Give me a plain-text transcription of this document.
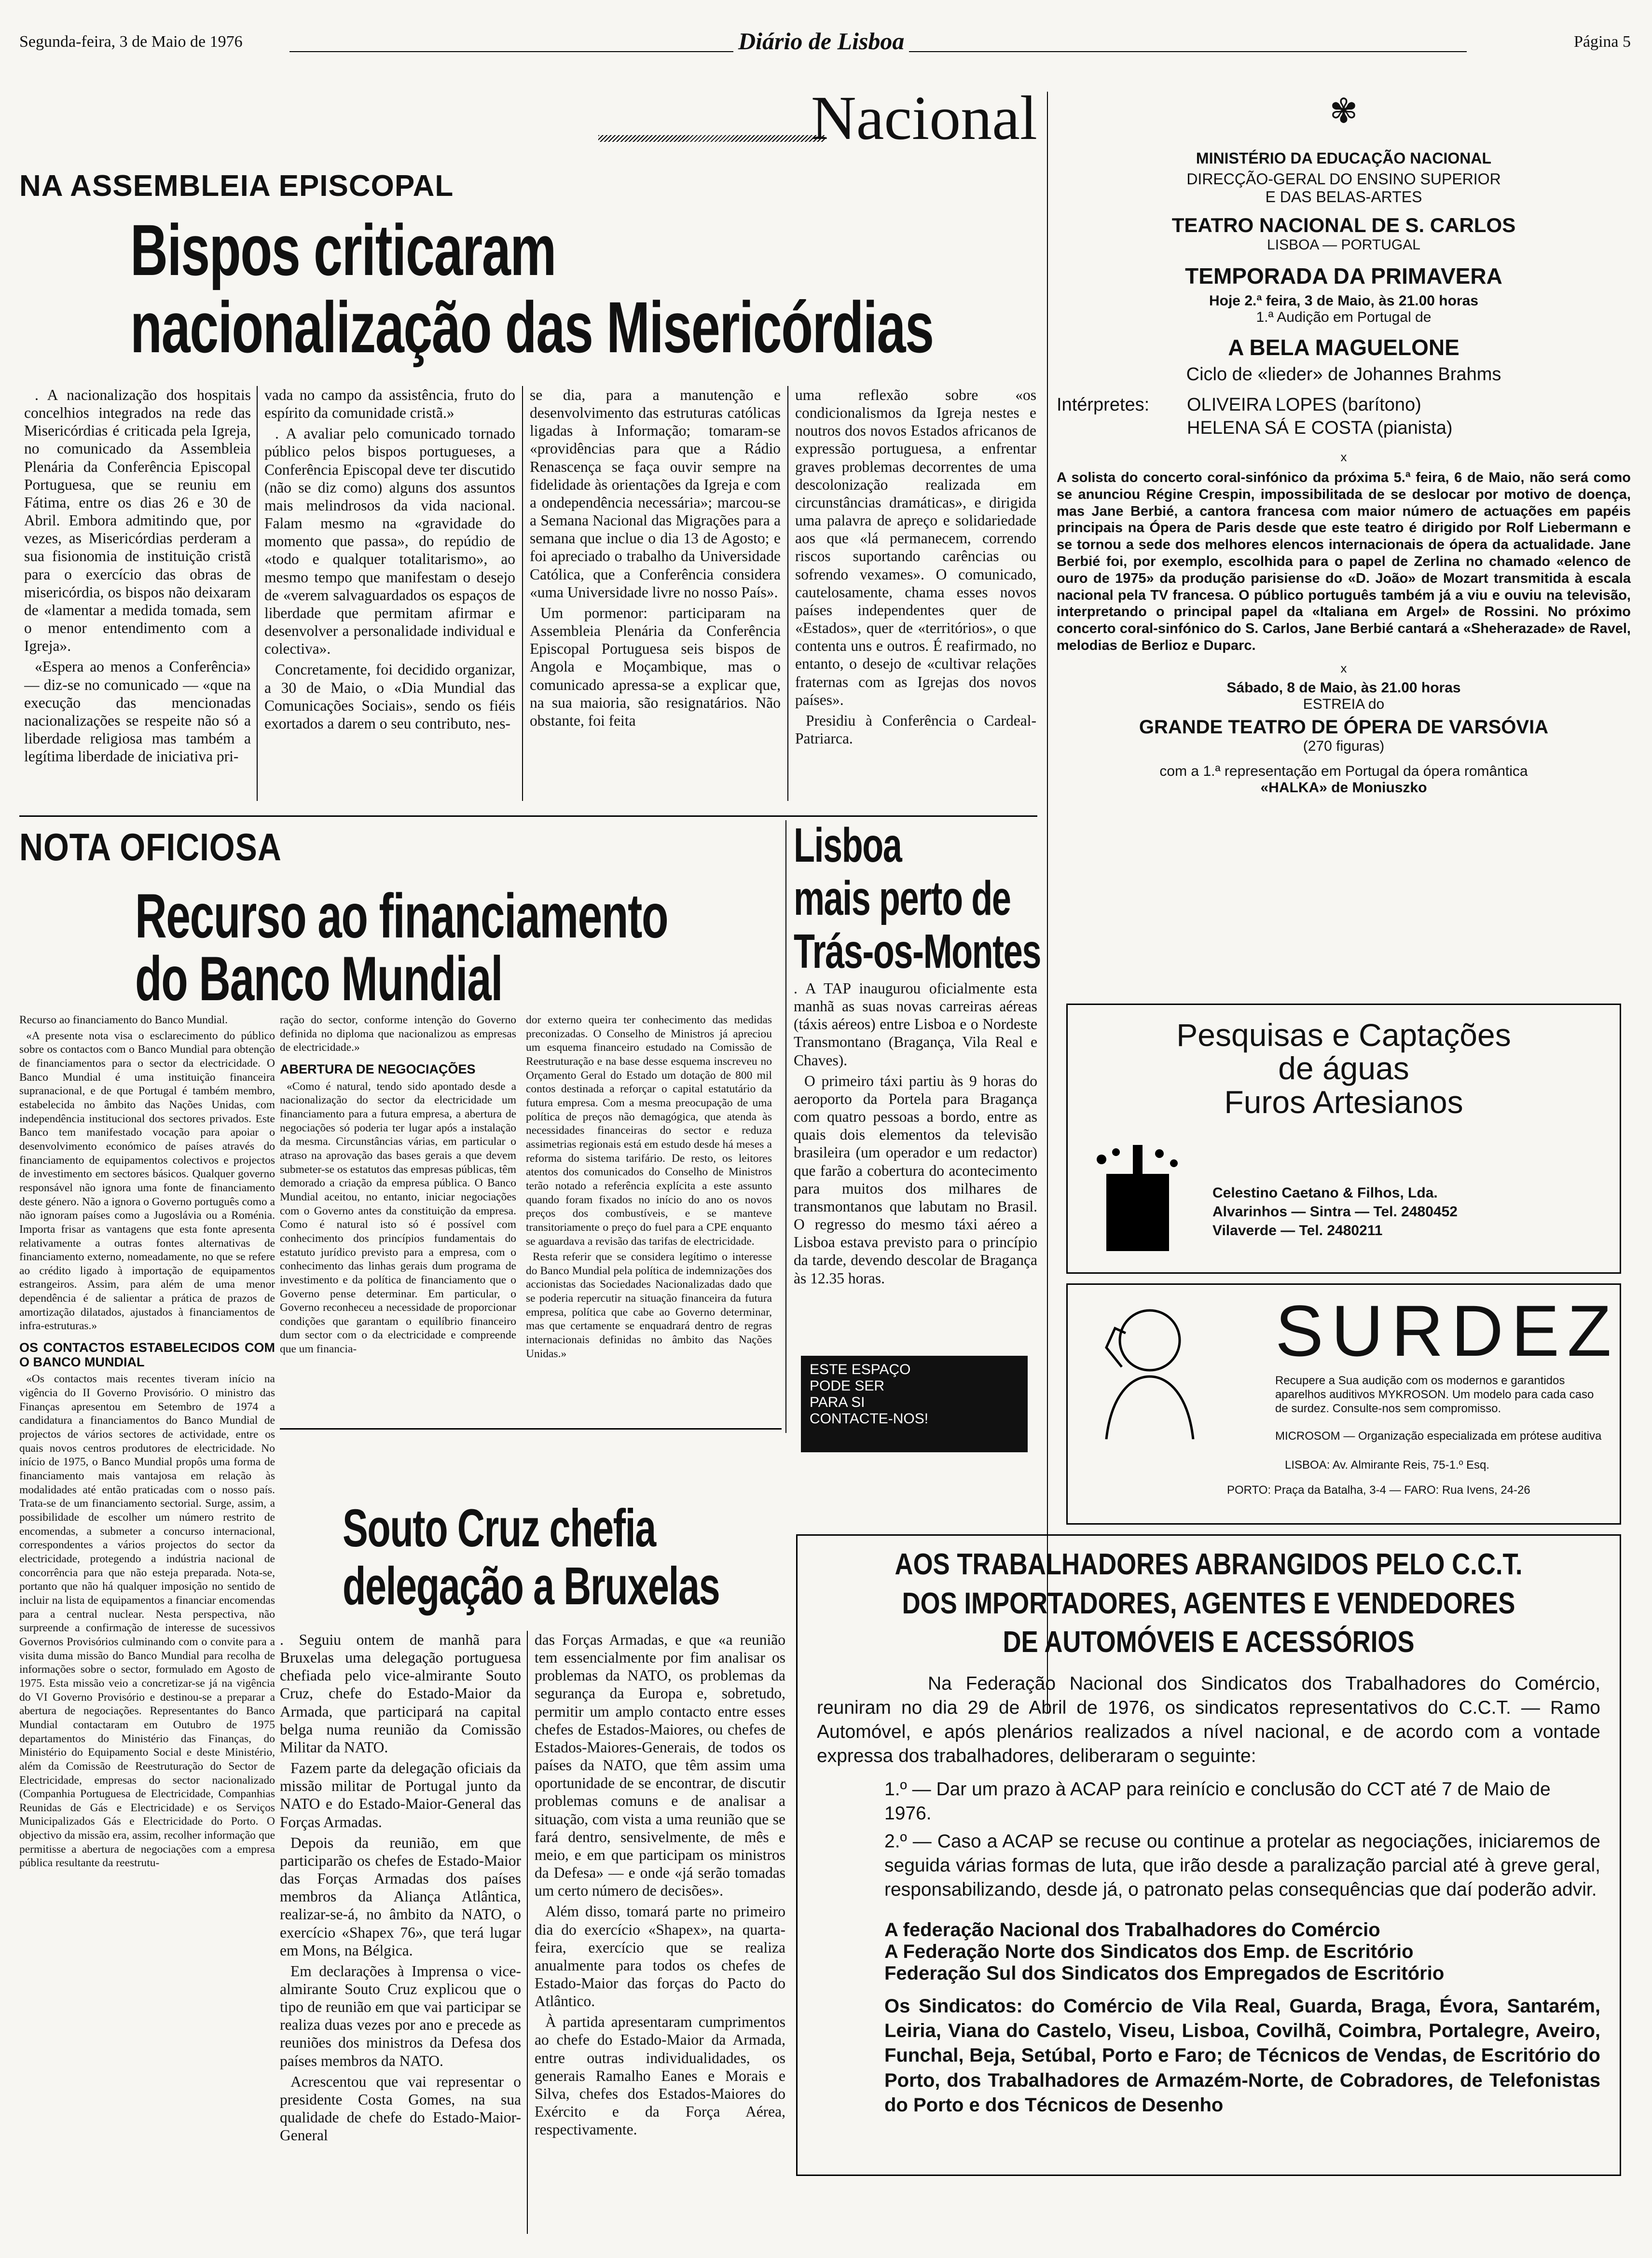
Segunda-feira, 3 de Maio de 1976	Diário de Lisboa	Página 5
Nacional
NA ASSEMBLEIA EPISCOPAL
Bispos criticaram
nacionalização das Misericórdias

. A nacionalização dos hospitais concelhios integrados na rede das Misericórdias é criticada pela Igreja, no comunicado da Assembleia Plenária da Conferência Episcopal Portuguesa, que se reuniu em Fátima, entre os dias 26 e 30 de Abril. Embora admitindo que, por vezes, as Misericórdias perderam a sua fisionomia de instituição cristã para o exercício das obras de misericórdia, os bispos não deixaram de «lamentar a medida tomada, sem o menor entendimento com a Igreja».

«Espera ao menos a Conferência» — diz-se no comunicado — «que na execução das mencionadas nacionalizações se respeite não só a liberdade religiosa mas também a legítima liberdade de iniciativa pri-

vada no campo da assistência, fruto do espírito da comunidade cristã.»

. A avaliar pelo comunicado tornado público pelos bispos portugueses, a Conferência Episcopal deve ter discutido (não se diz como) alguns dos assuntos mais melindrosos da vida nacional. Falam mesmo na «gravidade do momento que passa», do repúdio de «todo e qualquer totalitarismo», ao mesmo tempo que manifestam o desejo de «verem salvaguardados os espaços de liberdade que permitam afirmar e desenvolver a personalidade individual e colectiva».

Concretamente, foi decidido organizar, a 30 de Maio, o «Dia Mundial das Comunicações Sociais», sendo os fiéis exortados a darem o seu contributo, nes-

se dia, para a manutenção e desenvolvimento das estruturas católicas ligadas à Informação; tomaram-se «providências para que a Rádio Renascença se faça ouvir sempre na fidelidade às orientações da Igreja e com a ondependência necessária»; marcou-se a Semana Nacional das Migrações para a semana que inclue o dia 13 de Agosto; e foi apreciado o trabalho da Universidade Católica, que a Conferência considera «uma Universidade livre no nosso País».

Um pormenor: participaram na Assembleia Plenária da Conferência Episcopal Portuguesa seis bispos de Angola e Moçambique, mas o comunicado apressa-se a explicar que, na sua maioria, são resignatários. Não obstante, foi feita

uma reflexão sobre «os condicionalismos da Igreja nestes e noutros dos novos Estados africanos de expressão portuguesa, a enfrentar graves problemas decorrentes de uma descolonização realizada em circunstâncias dramáticas», e dirigida uma palavra de apreço e solidariedade aos que «lá permanecem, correndo riscos suportando carências ou sofrendo vexames». O comunicado, cautelosamente, chama esses novos países independentes quer de «Estados», quer de «territórios», o que contenta uns e outros. É reafirmado, no entanto, o desejo de «cultivar relações fraternas com as Igrejas dos novos países».

Presidiu à Conferência o Cardeal-Patriarca.

NOTA OFICIOSA
Recurso ao financiamento
do Banco Mundial

Recurso ao financiamento do Banco Mundial.

«A presente nota visa o esclarecimento do público sobre os contactos com o Banco Mundial para obtenção de financiamentos para o sector da electricidade. O Banco Mundial é uma instituição financeira supranacional, e de que Portugal é também membro, estabelecida no âmbito das Nações Unidas, com independência institucional dos sectores privados. Este Banco tem manifestado vocação para apoiar o desenvolvimento económico de países através do financiamento de equipamentos colectivos e projectos de investimento em sectores básicos. Qualquer governo responsável não ignora uma fonte de financiamento deste género. Não a ignora o Governo português como a não ignoram países como a Jugoslávia ou a Roménia. Importa frisar as vantagens que esta fonte apresenta relativamente a outras fontes alternativas de financiamento externo, nomeadamente, no que se refere ao crédito ligado à importação de equipamentos estrangeiros. Assim, para além de uma menor dependência é de salientar a prática de prazos de amortização dilatados, ajustados à financiamentos de infra-estruturas.»

OS CONTACTOS ESTABELECIDOS COM O BANCO MUNDIAL

«Os contactos mais recentes tiveram início na vigência do II Governo Provisório. O ministro das Finanças apresentou em Setembro de 1974 a candidatura a financiamentos do Banco Mundial de projectos de vários sectores de actividade, entre os quais novos centros produtores de electricidade. No início de 1975, o Banco Mundial propôs uma forma de financiamento mais vantajosa em relação às modalidades até então praticadas com o nosso país. Trata-se de um financiamento sectorial. Surge, assim, a possibilidade de escolher um número restrito de encomendas, a submeter a concurso internacional, correspondentes a vários projectos do sector da electricidade, protegendo a indústria nacional de concorrência para que não esteja preparada. Nota-se, portanto que não há qualquer imposição no sentido de incluir na lista de equipamentos a financiar encomendas para a central nuclear. Nesta perspectiva, não surpreende a confirmação de interesse de sucessivos Governos Provisórios culminando com o convite para a visita duma missão do Banco Mundial para recolha de informações sobre o sector, formulado em Agosto de 1975. Esta missão veio a concretizar-se já na vigência do VI Governo Provisório e destinou-se a preparar a abertura de negociações. Representantes do Banco Mundial contactaram em Outubro de 1975 departamentos do Ministério das Finanças, do Ministério do Equipamento Social e deste Ministério, além da Comissão de Reestruturação do Sector de Electricidade, empresas do sector nacionalizado (Companhia Portuguesa de Electricidade, Companhias Reunidas de Gás e Electricidade) e os Serviços Municipalizados Gás e Electricidade do Porto. O objectivo da missão era, assim, recolher informação que permitisse a abertura de negociações com a empresa pública resultante da reestrutu-

ração do sector, conforme intenção do Governo definida no diploma que nacionalizou as empresas de electricidade.»

ABERTURA DE NEGOCIAÇÕES

«Como é natural, tendo sido apontado desde a nacionalização do sector da electricidade um financiamento para a futura empresa, a abertura de negociações só poderia ter lugar após a instalação da mesma. Circunstâncias várias, em particular o atraso na aprovação das bases gerais a que devem submeter-se os estatutos das empresas públicas, têm demorado a criação da empresa pública. O Banco Mundial aceitou, no entanto, iniciar negociações com o Governo antes da constituição da empresa. Como é natural isto só é possível com conhecimento dos princípios fundamentais do estatuto jurídico previsto para a empresa, com o conhecimento das linhas gerais dum programa de investimento e da política de financiamento que o Governo pense determinar. Em particular, o Governo reconheceu a necessidade de proporcionar condições que garantam o equilíbrio financeiro dum sector com o da electricidade e compreende que um financia-

dor externo queira ter conhecimento das medidas preconizadas. O Conselho de Ministros já apreciou um esquema financeiro estudado na Comissão de Reestruturação e na base desse esquema inscreveu no Orçamento Geral do Estado um dotação de 800 mil contos destinada a reforçar o capital estatutário da futura empresa. Com a mesma preocupação de uma política de preços não demagógica, que atenda às necessidades financeiras do sector e reduza assimetrias regionais está em estudo desde há meses a reforma do sistema tarifário. De resto, os leitores atentos dos comunicados do Conselho de Ministros terão notado a referência explícita a este assunto quando foram fixados no início do ano os novos preços dos combustíveis, e se manteve transitoriamente o preço do fuel para a CPE enquanto se aguardava a revisão das tarifas de electricidade.

Resta referir que se considera legítimo o interesse do Banco Mundial pela política de indemnizações dos accionistas das Sociedades Nacionalizadas dado que se poderia repercutir na situação financeira da futura empresa, política que cabe ao Governo determinar, mas que certamente se enquadrará dentro de regras internacionais definidas no âmbito das Nações Unidas.»

Lisboa
mais perto de
Trás-os-Montes

. A TAP inaugurou oficialmente esta manhã as suas novas carreiras aéreas (táxis aéreos) entre Lisboa e o Nordeste Transmontano (Bragança, Vila Real e Chaves).

O primeiro táxi partiu às 9 horas do aeroporto da Portela para Bragança com quatro pessoas a bordo, entre as quais dois elementos da televisão brasileira (um operador e um redactor) que farão a cobertura do acontecimento para muitos dos milhares de transmontanos que labutam no Brasil. O regresso do mesmo táxi aéreo a Lisboa estava previsto para o princípio da tarde, devendo descolar de Bragança às 12.35 horas.

ESTE ESPAÇO
PODE SER
PARA SI
CONTACTE-NOS!
Souto Cruz chefia
delegação a Bruxelas

. Seguiu ontem de manhã para Bruxelas uma delegação portuguesa chefiada pelo vice-almirante Souto Cruz, chefe do Estado-Maior da Armada, que participará na capital belga numa reunião da Comissão Militar da NATO.

Fazem parte da delegação oficiais da missão militar de Portugal junto da NATO e do Estado-Maior-General das Forças Armadas.

Depois da reunião, em que participarão os chefes de Estado-Maior das Forças Armadas dos países membros da Aliança Atlântica, realizar-se-á, no âmbito da NATO, o exercício «Shapex 76», que terá lugar em Mons, na Bélgica.

Em declarações à Imprensa o vice-almirante Souto Cruz explicou que o tipo de reunião em que vai participar se realiza duas vezes por ano e precede as reuniões dos ministros da Defesa dos países membros da NATO.

Acrescentou que vai representar o presidente Costa Gomes, na sua qualidade de chefe do Estado-Maior-General

das Forças Armadas, e que «a reunião tem essencialmente por fim analisar os problemas da NATO, os problemas da segurança da Europa e, sobretudo, permitir um amplo contacto entre esses chefes de Estados-Maiores, ou chefes de Estados-Maiores-Generais, de todos os países da NATO, que têm assim uma oportunidade de se encontrar, de discutir problemas comuns e de analisar a situação, com vista a uma reunião que se fará dentro, sensivelmente, de mês e meio, e em que participam os ministros da Defesa» — e onde «já serão tomadas um certo número de decisões».

Além disso, tomará parte no primeiro dia do exercício «Shapex», na quarta-feira, exercício que se realiza anualmente para todos os chefes de Estado-Maior das forças do Pacto do Atlântico.

À partida apresentaram cumprimentos ao chefe do Estado-Maior da Armada, entre outras individualidades, os generais Ramalho Eanes e Morais e Silva, chefes dos Estados-Maiores do Exército e da Força Aérea, respectivamente.

✾
MINISTÉRIO DA EDUCAÇÃO NACIONAL
DIRECÇÃO-GERAL DO ENSINO SUPERIOR
E DAS BELAS-ARTES
TEATRO NACIONAL DE S. CARLOS
LISBOA — PORTUGAL
TEMPORADA DA PRIMAVERA
Hoje 2.ª feira, 3 de Maio, às 21.00 horas
1.ª Audição em Portugal de
A BELA MAGUELONE
Ciclo de «lieder» de Johannes Brahms
Intérpretes: OLIVEIRA LOPES (barítono)
HELENA SÁ E COSTA (pianista)
x
A solista do concerto coral-sinfónico da próxima 5.ª feira, 6 de Maio, não será como se anunciou Régine Crespin, impossibilitada de se deslocar por motivo de doença, mas Jane Berbié, a cantora francesa com maior número de actuações em papéis principais na Ópera de Paris desde que este teatro é dirigido por Rolf Liebermann e se tornou a sede dos melhores elencos internacionais de ópera da actualidade. Jane Berbié foi, por exemplo, escolhida para o papel de Zerlina no chamado «elenco de ouro de 1975» da produção parisiense do «D. João» de Mozart transmitida à escala nacional pela TV francesa. O público português também já a viu e ouviu na televisão, interpretando o principal papel da «Italiana em Argel» de Rossini. No próximo concerto coral-sinfónico do S. Carlos, Jane Berbié cantará a «Sheherazade» de Ravel, melodias de Berlioz e Duparc.
x
Sábado, 8 de Maio, às 21.00 horas
ESTREIA do
GRANDE TEATRO DE ÓPERA DE VARSÓVIA
(270 figuras)
com a 1.ª representação em Portugal da ópera romântica
«HALKA» de Moniuszko
Pesquisas e Captações
de águas
Furos Artesianos
Celestino Caetano & Filhos, Lda.
Alvarinhos — Sintra — Tel. 2480452
Vilaverde — Tel. 2480211
SURDEZ
Recupere a Sua audição com os modernos e garantidos aparelhos auditivos MYKROSON. Um modelo para cada caso de surdez. Consulte-nos sem compromisso.
MICROSOM — Organização especializada em prótese auditiva
LISBOA: Av. Almirante Reis, 75-1.º Esq.
PORTO: Praça da Batalha, 3-4 — FARO: Rua Ivens, 24-26
AOS TRABALHADORES ABRANGIDOS PELO C.C.T.
DOS IMPORTADORES, AGENTES E VENDEDORES
DE AUTOMÓVEIS E ACESSÓRIOS

Na Federação Nacional dos Sindicatos dos Trabalhadores do Comércio, reuniram no dia 29 de Abril de 1976, os sindicatos representativos do C.C.T. — Ramo Automóvel, e após plenários realizados a nível nacional, e de acordo com a vontade expressa dos trabalhadores, deliberaram o seguinte:

1.º — Dar um prazo à ACAP para reinício e conclusão do CCT até 7 de Maio de 1976.

2.º — Caso a ACAP se recuse ou continue a protelar as negociações, iniciaremos de seguida várias formas de luta, que irão desde a paralização parcial até à greve geral, responsabilizando, desde já, o patronato pelas consequências que daí poderão advir.

A federação Nacional dos Trabalhadores do Comércio

A Federação Norte dos Sindicatos dos Emp. de Escritório

Federação Sul dos Sindicatos dos Empregados de Escritório

Os Sindicatos: do Comércio de Vila Real, Guarda, Braga, Évora, Santarém, Leiria, Viana do Castelo, Viseu, Lisboa, Covilhã, Coimbra, Portalegre, Aveiro, Funchal, Beja, Setúbal, Porto e Faro; de Técnicos de Vendas, de Escritório do Porto, dos Trabalhadores de Armazém-Norte, de Cobradores, de Telefonistas do Porto e dos Técnicos de Desenho
